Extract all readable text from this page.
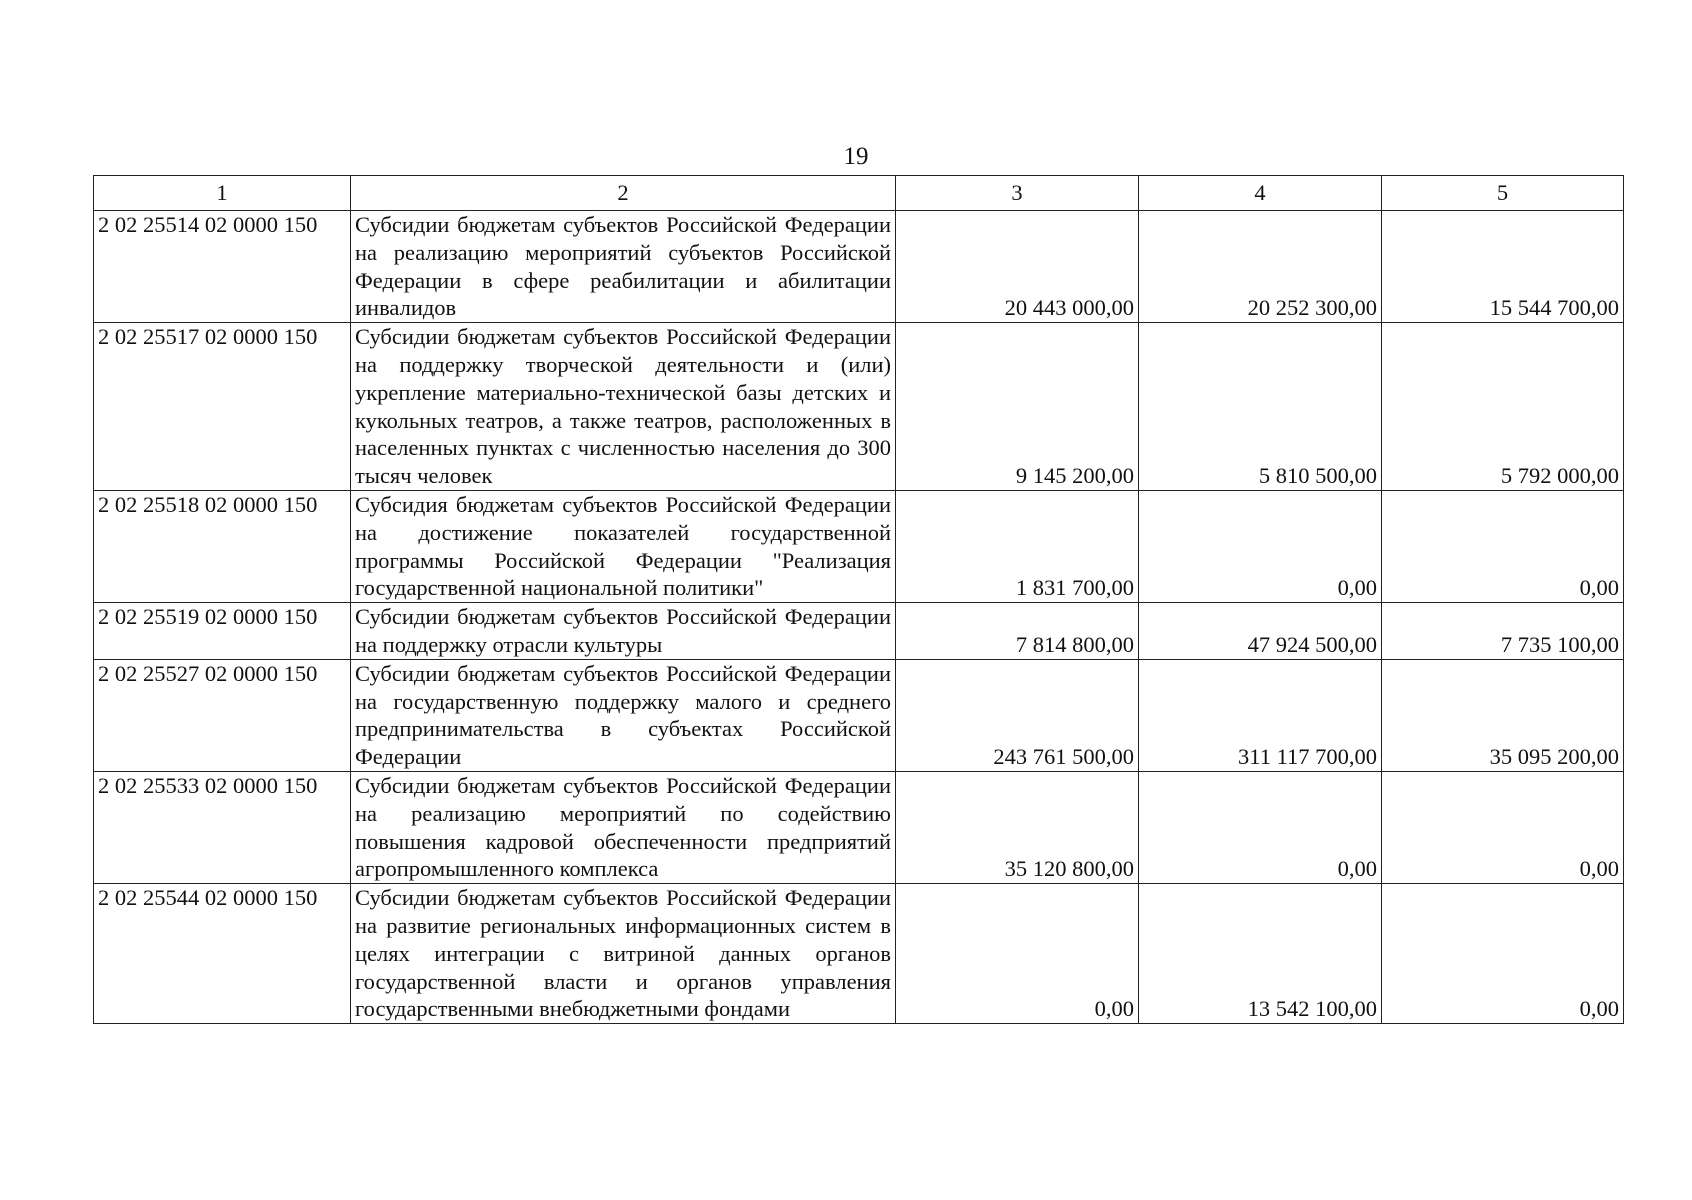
19
1	2	3	4	5
2 02 25514 02 0000 150	Субсидии бюджетам субъектов Российской Федерации на реализацию мероприятий субъектов Российской Федерации в сфере реабилитации и абилитации инвалидов	20 443 000,00	20 252 300,00	15 544 700,00
2 02 25517 02 0000 150	Субсидии бюджетам субъектов Российской Федерации на поддержку творческой деятельности и (или) укрепление материально-технической базы детских и кукольных театров, а также театров, расположенных в населенных пунктах с численностью населения до 300 тысяч человек	9 145 200,00	5 810 500,00	5 792 000,00
2 02 25518 02 0000 150	Субсидия бюджетам субъектов Российской Федерации на достижение показателей государственной программы Российской Федерации "Реализация государственной национальной политики"	1 831 700,00	0,00	0,00
2 02 25519 02 0000 150	Субсидии бюджетам субъектов Российской Федерации на поддержку отрасли культуры	7 814 800,00	47 924 500,00	7 735 100,00
2 02 25527 02 0000 150	Субсидии бюджетам субъектов Российской Федерации на государственную поддержку малого и среднего предпринимательства в субъектах Российской Федерации	243 761 500,00	311 117 700,00	35 095 200,00
2 02 25533 02 0000 150	Субсидии бюджетам субъектов Российской Федерации на реализацию мероприятий по содействию повышения кадровой обеспеченности предприятий агропромышленного комплекса	35 120 800,00	0,00	0,00
2 02 25544 02 0000 150	Субсидии бюджетам субъектов Российской Федерации на развитие региональных информационных систем в целях интеграции с витриной данных органов государственной власти и органов управления государственными внебюджетными фондами	0,00	13 542 100,00	0,00
